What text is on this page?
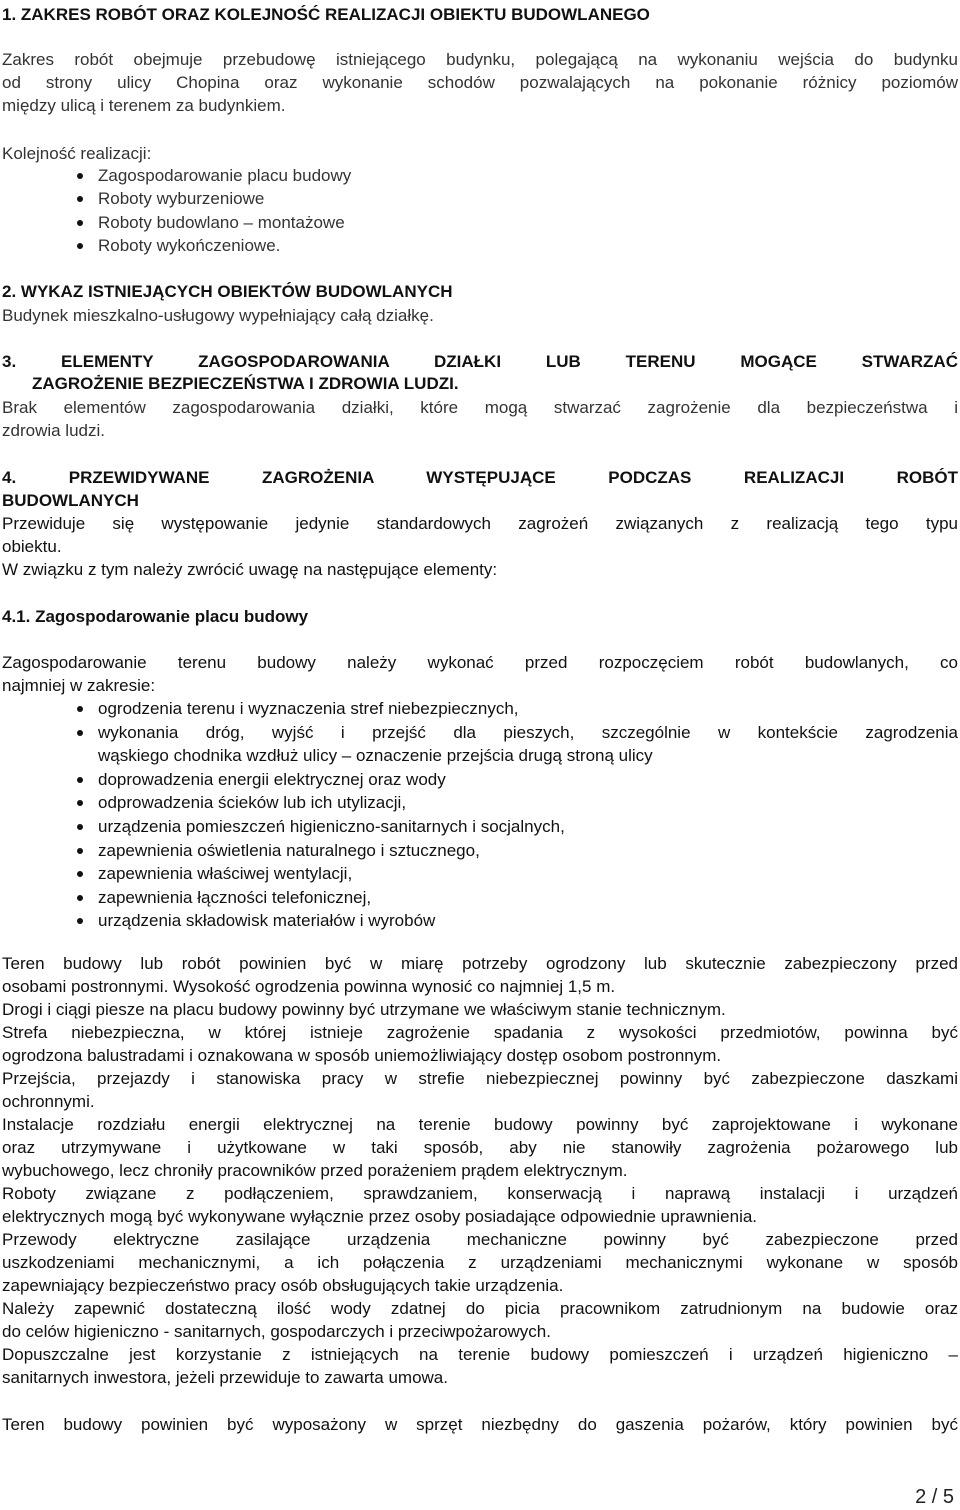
1. ZAKRES ROBÓT ORAZ KOLEJNOŚĆ REALIZACJI OBIEKTU BUDOWLANEGO

Zakres robót obejmuje przebudowę istniejącego budynku, polegającą na wykonaniu wejścia do budynku

od strony ulicy Chopina oraz wykonanie schodów pozwalających na pokonanie różnicy poziomów

między ulicą i terenem za budynkiem.

Kolejność realizacji:

Zagospodarowanie placu budowy
Roboty wyburzeniowe
Roboty budowlano – montażowe
Roboty wykończeniowe.

2. WYKAZ ISTNIEJĄCYCH OBIEKTÓW BUDOWLANYCH

Budynek mieszkalno-usługowy wypełniający całą działkę.

3. ELEMENTY ZAGOSPODAROWANIA DZIAŁKI LUB TERENU MOGĄCE STWARZAĆ

ZAGROŻENIE BEZPIECZEŃSTWA I ZDROWIA LUDZI.

Brak elementów zagospodarowania działki, które mogą stwarzać zagrożenie dla bezpieczeństwa i

zdrowia ludzi.

4. PRZEWIDYWANE ZAGROŻENIA WYSTĘPUJĄCE PODCZAS REALIZACJI ROBÓT

BUDOWLANYCH

Przewiduje się występowanie jedynie standardowych zagrożeń związanych z realizacją tego typu

obiektu.

W związku z tym należy zwrócić uwagę na następujące elementy:

4.1. Zagospodarowanie placu budowy

Zagospodarowanie terenu budowy należy wykonać przed rozpoczęciem robót budowlanych, co

najmniej w zakresie:

ogrodzenia terenu i wyznaczenia stref niebezpiecznych,
wykonania dróg, wyjść i przejść dla pieszych, szczególnie w kontekście zagrodzenia
wąskiego chodnika wzdłuż ulicy – oznaczenie przejścia drugą stroną ulicy
doprowadzenia energii elektrycznej oraz wody
odprowadzenia ścieków lub ich utylizacji,
urządzenia pomieszczeń higieniczno-sanitarnych i socjalnych,
zapewnienia oświetlenia naturalnego i sztucznego,
zapewnienia właściwej wentylacji,
zapewnienia łączności telefonicznej,
urządzenia składowisk materiałów i wyrobów

Teren budowy lub robót powinien być w miarę potrzeby ogrodzony lub skutecznie zabezpieczony przed

osobami postronnymi. Wysokość ogrodzenia powinna wynosić co najmniej 1,5 m.

Drogi i ciągi piesze na placu budowy powinny być utrzymane we właściwym stanie technicznym.

Strefa niebezpieczna, w której istnieje zagrożenie spadania z wysokości przedmiotów, powinna być

ogrodzona balustradami i oznakowana w sposób uniemożliwiający dostęp osobom postronnym.

Przejścia, przejazdy i stanowiska pracy w strefie niebezpiecznej powinny być zabezpieczone daszkami

ochronnymi.

Instalacje rozdziału energii elektrycznej na terenie budowy powinny być zaprojektowane i wykonane

oraz utrzymywane i użytkowane w taki sposób, aby nie stanowiły zagrożenia pożarowego lub

wybuchowego, lecz chroniły pracowników przed porażeniem prądem elektrycznym.

Roboty związane z podłączeniem, sprawdzaniem, konserwacją i naprawą instalacji i urządzeń

elektrycznych mogą być wykonywane wyłącznie przez osoby posiadające odpowiednie uprawnienia.

Przewody elektryczne zasilające urządzenia mechaniczne powinny być zabezpieczone przed

uszkodzeniami mechanicznymi, a ich połączenia z urządzeniami mechanicznymi wykonane w sposób

zapewniający bezpieczeństwo pracy osób obsługujących takie urządzenia.

Należy zapewnić dostateczną ilość wody zdatnej do picia pracownikom zatrudnionym na budowie oraz

do celów higieniczno - sanitarnych, gospodarczych i przeciwpożarowych.

Dopuszczalne jest korzystanie z istniejących na terenie budowy pomieszczeń i urządzeń higieniczno –

sanitarnych inwestora, jeżeli przewiduje to zawarta umowa.

Teren budowy powinien być wyposażony w sprzęt niezbędny do gaszenia pożarów, który powinien być

2 / 5
